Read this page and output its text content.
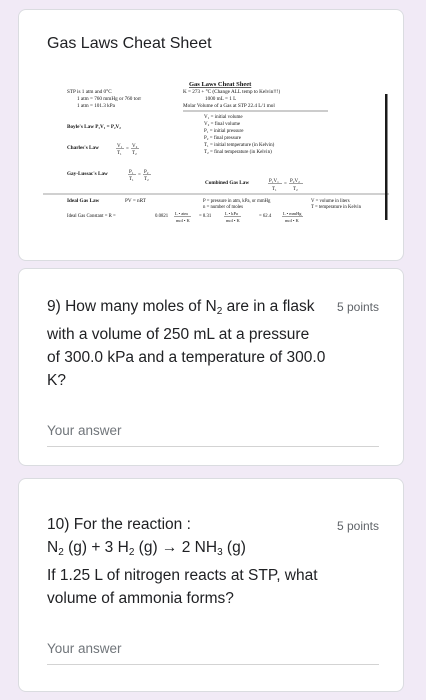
Gas Laws Cheat Sheet
Gas Laws Cheat Sheet
STP is 1 atm and 0°C
1 atm = 760 mmHg or 760 torr
1 atm = 101.3 kPa
K = 273 + °C (Change ALL temp to Kelvin!!!)
1000 mL = 1 L
Molar Volume of a Gas at STP 22.4 L/1 mol
V₁ = initial volume
V₂ = final volume
P₁ = initial pressure
P₂ = final pressure
T₁ = initial temperature (in Kelvin)
T₂ = final temperature (in Kelvin)
Boyle's Law P₁V₁ = P₂V₂
Charles's Law	V₁
T₁
=
V₂
T₂
Gay-Lussac's Law	P₁
T₁
=
P₂
T₂
Combined Gas Law	P₁V₁
T₁
=
P₂V₂
T₂
Ideal Gas Law	PV = nRT	P = pressure in atm, kPa, or mmHg
n = number of moles
V = volume in liters
T = temperature in Kelvin
Ideal Gas Constant = R =	0.0821
L • atm
mol • K
= 8.31
L • kPa
mol • K
= 62.4
L • mmHg
mol • K
9) How many moles of $N_2$ are in a flask
with a volume of 250 mL at a pressure
of 300.0 kPa and a temperature of 300.0
K?
5 points
Your answer
10) For the reaction :
$N_2$ (g) + 3 $H_2$ (g) → 2 $NH_3$ (g)
If 1.25 L of nitrogen reacts at STP, what
volume of ammonia forms?
5 points
Your answer
